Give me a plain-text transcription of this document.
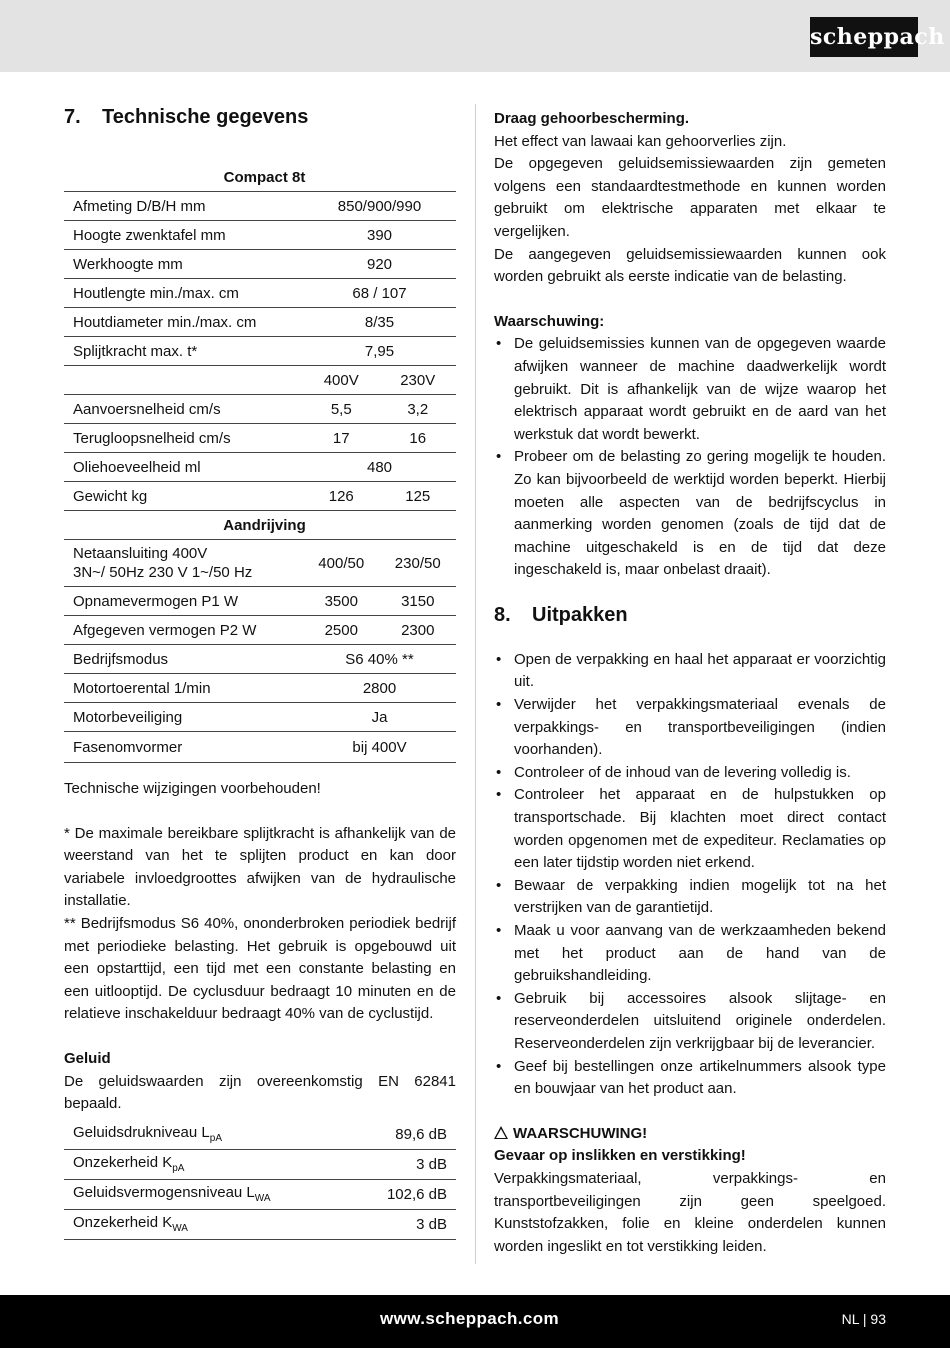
scheppach
7.	Technische gegevens
Compact 8t		
Afmeting D/B/H mm	850/900/990	
Hoogte zwenktafel mm	390	
Werkhoogte mm	920	
Houtlengte min./max. cm	68 / 107	
Houtdiameter min./max. cm	8/35	
Splijtkracht max. t*	7,95	
	400V	230V
Aanvoersnelheid cm/s	5,5	3,2
Terugloopsnelheid cm/s	17	16
Oliehoeveelheid ml	480	
Gewicht kg	126	125
Aandrijving		
Netaansluiting 400V
3N~/ 50Hz 230 V 1~/50 Hz	400/50	230/50
Opnamevermogen P1 W	3500	3150
Afgegeven vermogen P2 W	2500	2300
Bedrijfsmodus	S6 40% **	
Motortoerental 1/min	2800	
Motorbeveiliging	Ja	
Fasenomvormer	bij 400V	

Technische wijzigingen voorbehouden!

* De maximale bereikbare splijtkracht is afhankelijk van de weerstand van het te splijten product en kan door variabele invloedgroottes afwijken van de hydraulische installatie.

** Bedrijfsmodus S6 40%, ononderbroken periodiek bedrijf met periodieke belasting. Het gebruik is opgebouwd uit een opstarttijd, een tijd met een constante belasting en een uitlooptijd. De cyclusduur bedraagt 10 minuten en de relatieve inschakelduur bedraagt 40% van de cyclustijd.

Geluid

De geluidswaarden zijn overeenkomstig EN 62841 bepaald.

Geluidsdrukniveau $L_{pA}$	89,6 dB
Onzekerheid $K_{pA}$	3 dB
Geluidsvermogensniveau $L_{WA}$	102,6 dB
Onzekerheid $K_{WA}$	3 dB

Draag gehoorbescherming.

Het effect van lawaai kan gehoorverlies zijn.

De opgegeven geluidsemissiewaarden zijn gemeten volgens een standaardtestmethode en kunnen worden gebruikt om elektrische apparaten met elkaar te vergelijken.

De aangegeven geluidsemissiewaarden kunnen ook worden gebruikt als eerste indicatie van de belasting.

Waarschuwing:

• De geluidsemissies kunnen van de opgegeven waarde afwijken wanneer de machine daadwerkelijk wordt gebruikt. Dit is afhankelijk van de wijze waarop het elektrisch apparaat wordt gebruikt en de aard van het werkstuk dat wordt bewerkt.
• Probeer om de belasting zo gering mogelijk te houden. Zo kan bijvoorbeeld de werktijd worden beperkt. Hierbij moeten alle aspecten van de bedrijfscyclus in aanmerking worden genomen (zoals de tijd dat de machine uitgeschakeld is en de tijd dat deze ingeschakeld is, maar onbelast draait).
8.	Uitpakken
• Open de verpakking en haal het apparaat er voorzichtig uit.
• Verwijder het verpakkingsmateriaal evenals de verpakkings- en transportbeveiligingen (indien voorhanden).
• Controleer of de inhoud van de levering volledig is.
• Controleer het apparaat en de hulpstukken op transportschade. Bij klachten moet direct contact worden opgenomen met de expediteur. Reclamaties op een later tijdstip worden niet erkend.
• Bewaar de verpakking indien mogelijk tot na het verstrijken van de garantietijd.
• Maak u voor aanvang van de werkzaamheden bekend met het product aan de hand van de gebruikshandleiding.
• Gebruik bij accessoires alsook slijtage- en reserveonderdelen uitsluitend originele onderdelen. Reserveonderdelen zijn verkrijgbaar bij de leverancier.
• Geef bij bestellingen onze artikelnummers alsook type en bouwjaar van het product aan.

WAARSCHUWING!

Gevaar op inslikken en verstikking!

Verpakkingsmateriaal, verpakkings- en transportbeveiligingen zijn geen speelgoed. Kunststofzakken, folie en kleine onderdelen kunnen worden ingeslikt en tot verstikking leiden.

www.scheppach.com	NL | 93
